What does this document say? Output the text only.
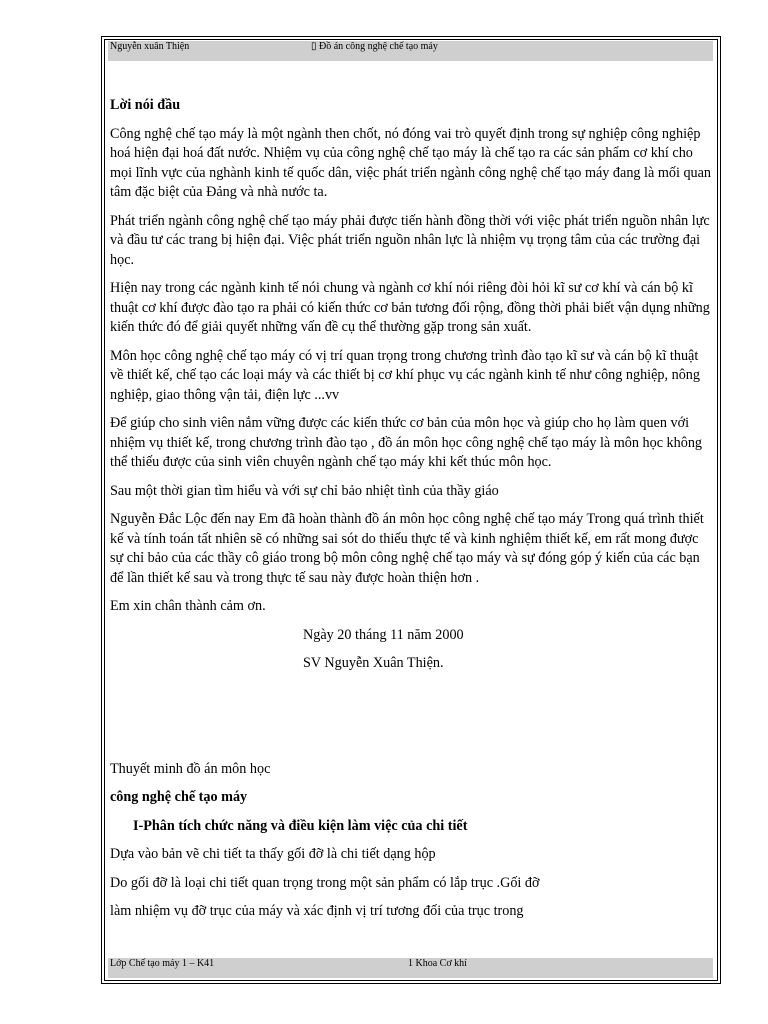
Nguyễn xuân Thiện	▯ Đồ án công nghệ chế tạo máy

Lời nói đầu

Công nghệ chế tạo máy là một ngành then chốt, nó đóng vai trò quyết định trong sự nghiệp công nghiệp hoá hiện đại hoá đất nước. Nhiệm vụ của công nghệ chế tạo máy là chế tạo ra các sản phẩm cơ khí cho mọi lĩnh vực của nghành kinh tế quốc dân, việc phát triển ngành công nghệ chế tạo máy đang là mối quan tâm đặc biệt của Đảng và nhà nước ta.

Phát triển ngành công nghệ chế tạo máy phải được tiến hành đồng thời với việc phát triển nguồn nhân lực và đầu tư các trang bị hiện đại. Việc phát triển nguồn nhân lực là nhiệm vụ trọng tâm của các trường đại học.

Hiện nay trong các ngành kinh tế nói chung và ngành cơ khí nói riêng đòi hỏi kĩ sư cơ khí và cán bộ kĩ thuật cơ khí được đào tạo ra phải có kiến thức cơ bản tương đối rộng, đồng thời phải biết vận dụng những kiến thức đó để giải quyết những vấn đề cụ thể thường gặp trong sản xuất.

Môn học công nghệ chế tạo máy có vị trí quan trọng trong chương trình đào tạo kĩ sư và cán bộ kĩ thuật về thiết kế, chế tạo các loại máy và các thiết bị cơ khí phục vụ các ngành kinh tế như công nghiệp, nông nghiệp, giao thông vận tải, điện lực ...vv

Để giúp cho sinh viên nắm vững được các kiến thức cơ bản của môn học và giúp cho họ làm quen với nhiệm vụ thiết kế, trong chương trình đào tạo , đồ án môn học công nghệ chế tạo máy là môn học không thể thiếu được của sinh viên chuyên ngành chế tạo máy khi kết thúc môn học.

Sau một thời gian tìm hiểu và với sự chỉ bảo nhiệt tình của thầy giáo

Nguyễn Đắc Lộc đến nay Em đã hoàn thành đồ án môn học công nghệ chế tạo máy Trong quá trình thiết kế và tính toán tất nhiên sẽ có những sai sót do thiếu thực tế và kinh nghiệm thiết kế, em rất mong được sự chỉ bảo của các thầy cô giáo trong bộ môn công nghệ chế tạo máy và sự đóng góp ý kiến của các bạn để lần thiết kế sau và trong thực tế sau này được hoàn thiện hơn .

Em xin chân thành cảm ơn.

Ngày 20 tháng 11 năm 2000

SV Nguyễn Xuân Thiện.

Thuyết minh đồ án môn học

công nghệ chế tạo máy

I-Phân tích chức năng và điều kiện làm việc của chi tiết

Dựa vào bản vẽ chi tiết ta thấy gối đỡ là chi tiết dạng hộp

Do gối đỡ là loại chi tiết quan trọng trong một sản phẩm có lắp trục .Gối đỡ

làm nhiệm vụ đỡ trục của máy và xác định vị trí tương đối của trục trong

Lớp Chế tạo máy 1 – K41	1 Khoa Cơ khí
